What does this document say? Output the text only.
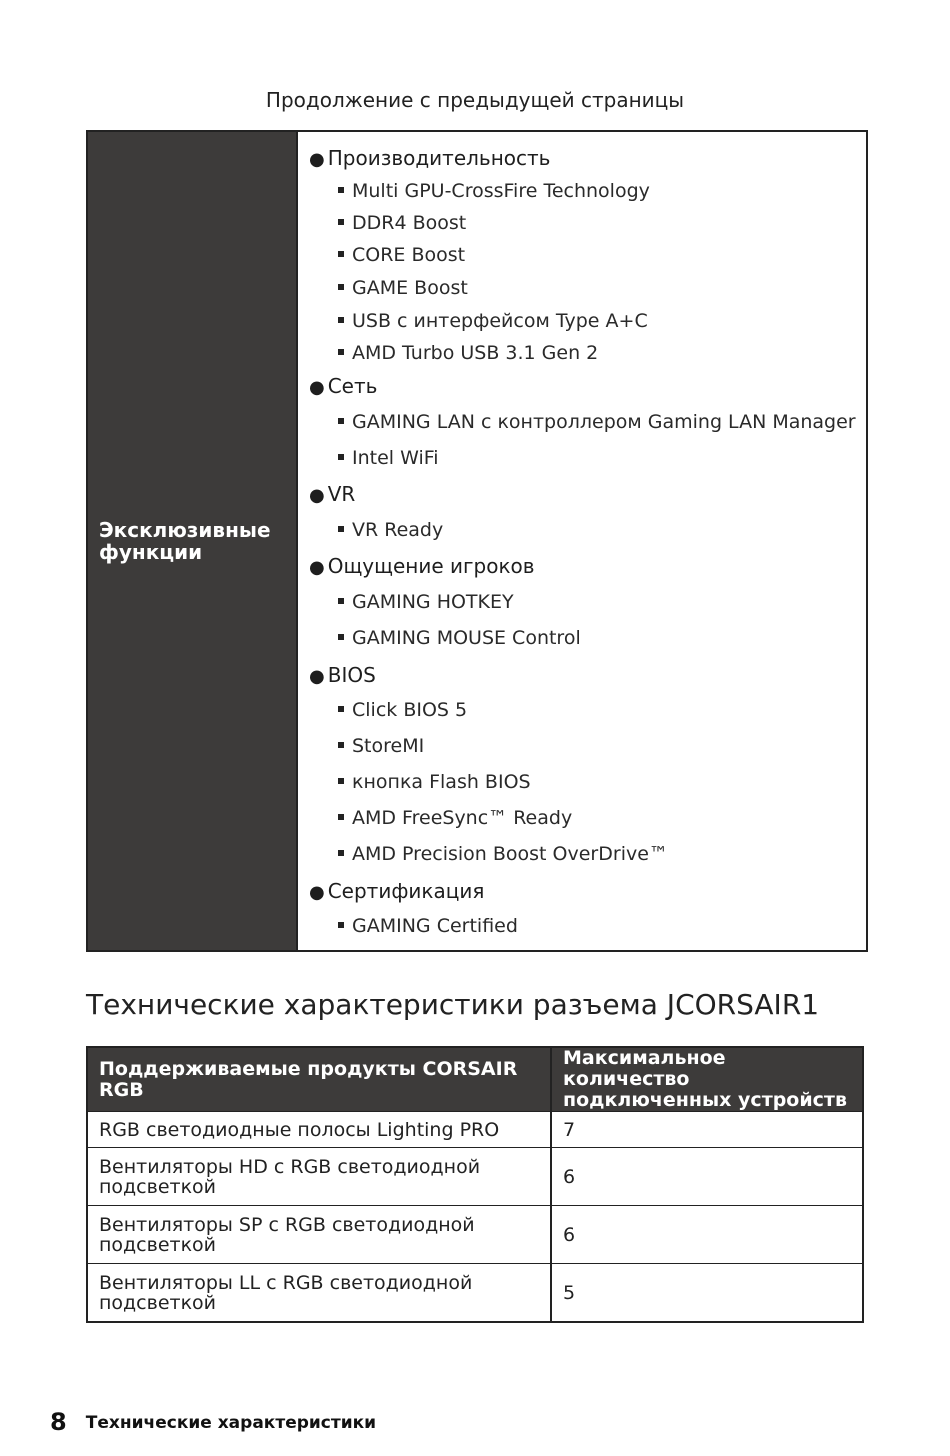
Продолжение с предыдущей страницы
Эксклюзивные функции
● Производительность
Multi GPU-CrossFire Technology
DDR4 Boost
CORE Boost
GAME Boost
USB с интерфейсом Type A+C
AMD Turbo USB 3.1 Gen 2
● Сеть
GAMING LAN с контроллером Gaming LAN Manager
Intel WiFi
● VR
VR Ready
● Ощущение игроков
GAMING HOTKEY
GAMING MOUSE Control
● BIOS
Click BIOS 5
StoreMI
кнопка Flash BIOS
AMD FreeSync™ Ready
AMD Precision Boost OverDrive™
● Сертификация
GAMING Certified
Технические характеристики разъема JCORSAIR1
Поддерживаемые продукты CORSAIR RGB	Максимальное количество подключенных устройств
RGB светодиодные полосы Lighting PRO	7
Вентиляторы HD с RGB светодиодной подсветкой	6
Вентиляторы SP с RGB светодиодной подсветкой	6
Вентиляторы LL с RGB светодиодной подсветкой	5
8 Технические характеристики
